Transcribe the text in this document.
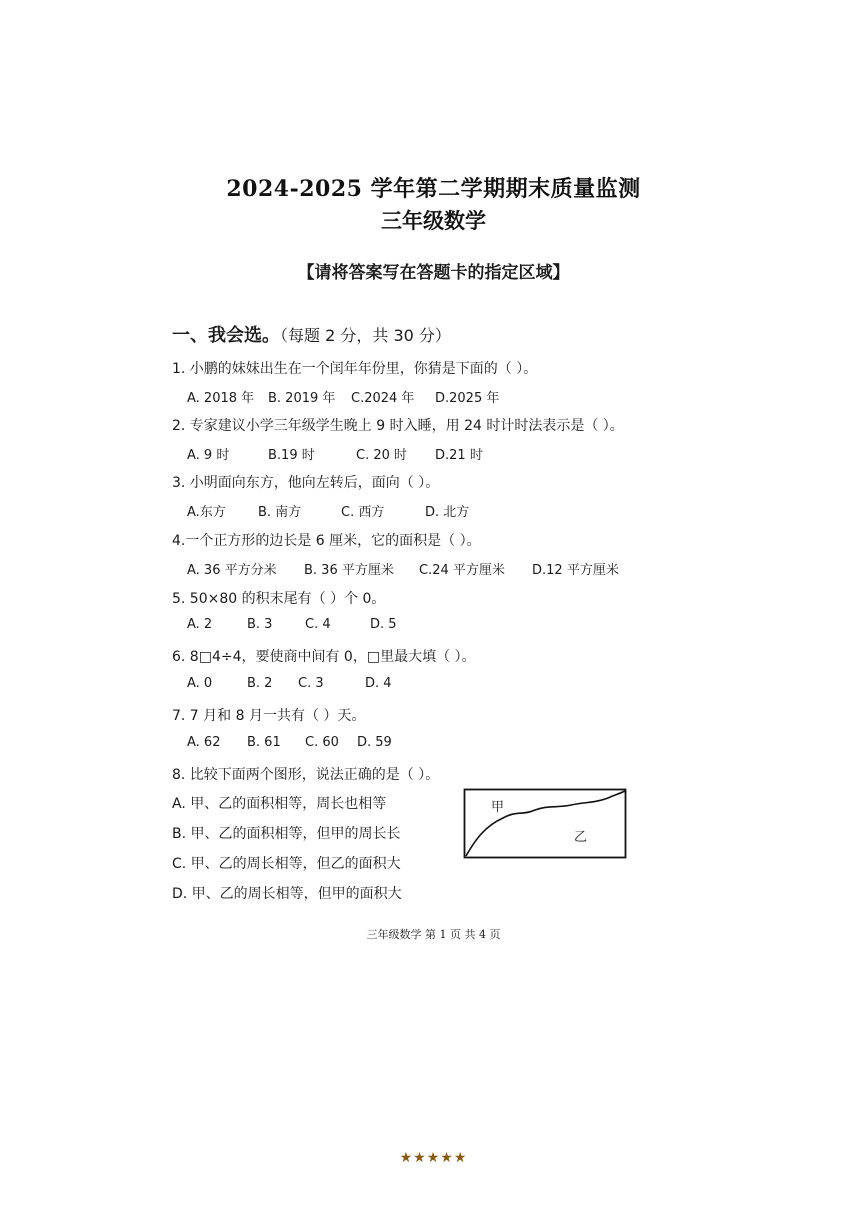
2024-2025 学年第二学期期末质量监测
三年级数学
【请将答案写在答题卡的指定区域】
一、我会选。（每题 2 分，共 30 分）
1. 小鹏的妹妹出生在一个闰年年份里，你猜是下面的（ ）。
A. 2018 年 B. 2019 年 C.2024 年 D.2025 年
2. 专家建议小学三年级学生晚上 9 时入睡，用 24 时计时法表示是（ ）。
A. 9 时	B.19 时	C. 20 时 D.21 时
3. 小明面向东方，他向左转后，面向（ ）。
A.东方 B. 南方	C. 西方	D. 北方
4.一个正方形的边长是 6 厘米，它的面积是（ ）。
A. 36 平方分米 B. 36 平方厘米 C.24 平方厘米 D.12 平方厘米
5. 50×80 的积末尾有（ ）个 0。
A. 2	B. 3	C. 4	D. 5
6. 8□4÷4，要使商中间有 0，□里最大填（ ）。
A. 0	B. 2 C. 3	D. 4
7. 7 月和 8 月一共有（ ）天。
A. 62 B. 61 C. 60 D. 59
8. 比较下面两个图形，说法正确的是（ ）。
A. 甲、乙的面积相等，周长也相等
B. 甲、乙的面积相等，但甲的周长长
C. 甲、乙的周长相等，但乙的面积大
D. 甲、乙的周长相等，但甲的面积大
甲
乙
三年级数学 第 1 页 共 4 页
★★★★★
